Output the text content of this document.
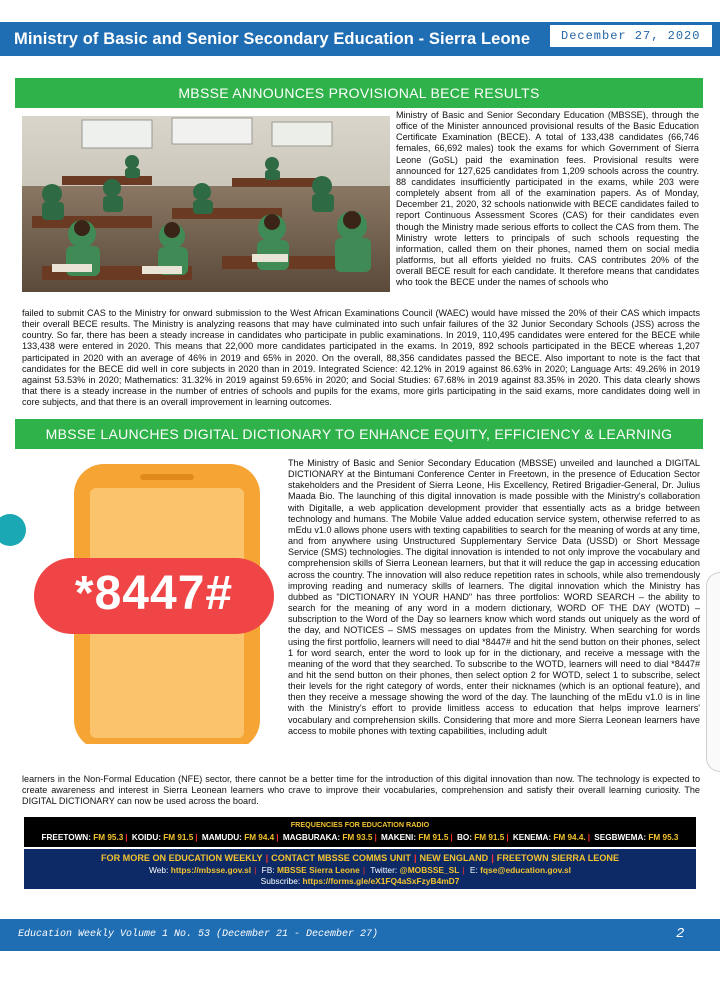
Ministry of Basic and Senior Secondary Education - Sierra Leone	December 27, 2020
MBSSE ANNOUNCES PROVISIONAL BECE RESULTS
Ministry of Basic and Senior Secondary Education (MBSSE), through the office of the Minister announced provisional results of the Basic Education Certificate Examination (BECE). A total of 133,438 candidates (66,746 females, 66,692 males) took the exams for which Government of Sierra Leone (GoSL) paid the examination fees. Provisional results were announced for 127,625 candidates from 1,209 schools across the country. 88 candidates insufficiently participated in the exams, while 203 were completely absent from all of the examination papers. As of Monday, December 21, 2020, 32 schools nationwide with BECE candidates failed to report Continuous Assessment Scores (CAS) for their candidates even though the Ministry made serious efforts to collect the CAS from them. The Ministry wrote letters to principals of such schools requesting the information, called them on their phones, named them on social media platforms, but all efforts yielded no fruits. CAS contributes 20% of the overall BECE result for each candidate. It therefore means that candidates who took the BECE under the names of schools who
failed to submit CAS to the Ministry for onward submission to the West African Examinations Council (WAEC) would have missed the 20% of their CAS which impacts their overall BECE results. The Ministry is analyzing reasons that may have culminated into such unfair failures of the 32 Junior Secondary Schools (JSS) across the country. So far, there has been a steady increase in candidates who participate in public examinations. In 2019, 110,495 candidates were entered for the BECE while 133,438 were entered in 2020. This means that 22,000 more candidates participated in the exams. In 2019, 892 schools participated in the BECE whereas 1,207 participated in 2020 with an average of 46% in 2019 and 65% in 2020. On the overall, 88,356 candidates passed the BECE. Also important to note is the fact that candidates for the BECE did well in core subjects in 2020 than in 2019. Integrated Science: 42.12% in 2019 against 86.63% in 2020; Language Arts: 49.26% in 2019 against 53.53% in 2020; Mathematics: 31.32% in 2019 against 59.65% in 2020; and Social Studies: 67.68% in 2019 against 83.35% in 2020. This data clearly shows that there is a steady increase in the number of entries of schools and pupils for the exams, more girls participating in the said exams, more candidates doing well in core subjects, and that there is an overall improvement in learning outcomes.
MBSSE LAUNCHES DIGITAL DICTIONARY TO ENHANCE EQUITY, EFFICIENCY & LEARNING
*8447#
The Ministry of Basic and Senior Secondary Education (MBSSE) unveiled and launched a DIGITAL DICTIONARY at the Bintumani Conference Center in Freetown, in the presence of Education Sector stakeholders and the President of Sierra Leone, His Excellency, Retired Brigadier-General, Dr. Julius Maada Bio. The launching of this digital innovation is made possible with the Ministry's collaboration with Digitalle, a web application development provider that essentially acts as a bridge between technology and humans. The Mobile Value added education service system, otherwise referred to as mEdu v1.0 allows phone users with texting capabilities to search for the meaning of words at any time, and from anywhere using Unstructured Supplementary Service Data (USSD) or Short Message Service (SMS) technologies. The digital innovation is intended to not only improve the vocabulary and comprehension skills of Sierra Leonean learners, but that it will reduce the gap in accessing education across the country. The innovation will also reduce repetition rates in schools, while also tremendously improving reading and numeracy skills of learners. The digital innovation which the Ministry has dubbed as "DICTIONARY IN YOUR HAND" has three portfolios: WORD SEARCH – the ability to search for the meaning of any word in a modern dictionary, WORD OF THE DAY (WOTD) – subscription to the Word of the Day so learners know which word stands out uniquely as the word of the day, and NOTICES – SMS messages on updates from the Ministry. When searching for words using the first portfolio, learners will need to dial *8447# and hit the send button on their phones, select 1 for word search, enter the word to look up for in the dictionary, and receive a message with the meaning of the word that they searched. To subscribe to the WOTD, learners will need to dial *8447# and hit the send button on their phones, then select option 2 for WOTD, select 1 to subscribe, select their levels for the right category of words, enter their nicknames (which is an optional feature), and then they receive a message showing the word of the day. The launching of the mEdu v1.0 is in line with the Ministry's effort to provide limitless access to education that helps improve learners' vocabulary and comprehension skills. Considering that more and more Sierra Leonean learners have access to mobile phones with texting capabilities, including adult
learners in the Non-Formal Education (NFE) sector, there cannot be a better time for the introduction of this digital innovation than now. The technology is expected to create awareness and interest in Sierra Leonean learners who crave to improve their vocabularies, comprehension and satisfy their overall learning curiosity. The DIGITAL DICTIONARY can now be used across the board.
FREQUENCIES FOR EDUCATION RADIO
FREETOWN: FM 95.3 | KOIDU: FM 91.5 | MAMUDU: FM 94.4 | MAGBURAKA: FM 93.5 | MAKENI: FM 91.5 | BO: FM 91.5 | KENEMA: FM 94.4. | SEGBWEMA: FM 95.3
FOR MORE ON EDUCATION WEEKLY | CONTACT MBSSE COMMS UNIT | NEW ENGLAND | FREETOWN SIERRA LEONE
Web: https://mbsse.gov.sl | FB: MBSSE Sierra Leone | Twitter: @MOBSSE_SL | E: fqse@education.gov.sl
Subscribe: https://forms.gle/eX1FQ4aSxFzyB4mD7
Education Weekly Volume 1 No. 53 (December 21 - December 27)	2
